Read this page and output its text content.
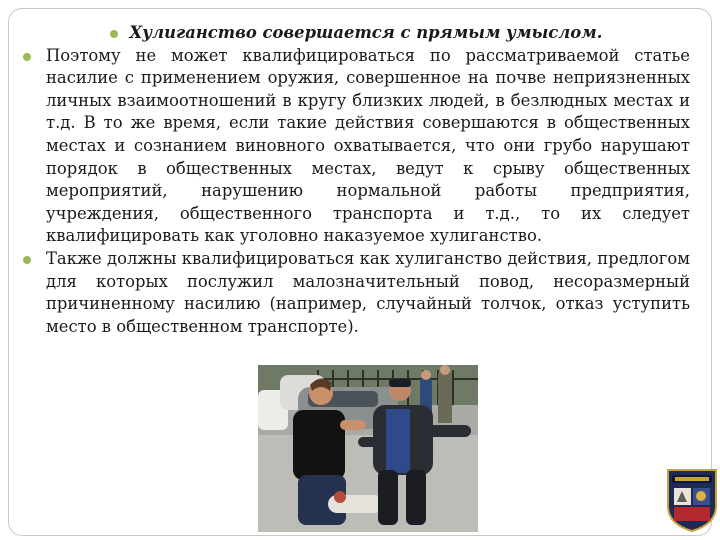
Хулиганство совершается с прямым умыслом.

Поэтому не может квалифицироваться по рассматриваемой статье насилие с применением оружия, совершенное на почве неприязненных личных взаимоотношений в кругу близких людей, в безлюдных местах и т.д. В то же время, если такие действия совершаются в общественных местах и сознанием виновного охватывается, что они грубо нарушают порядок в общественных местах, ведут к срыву общественных мероприятий, нарушению нормальной работы предприятия, учреждения, общественного транспорта и т.д., то их следует квалифицировать как уголовно наказуемое хулиганство.

Также должны квалифицироваться как хулиганство действия, предлогом для которых послужил малозначительный повод, несоразмерный причиненному насилию (например, случайный толчок, отказ уступить место в общественном транспорте).
